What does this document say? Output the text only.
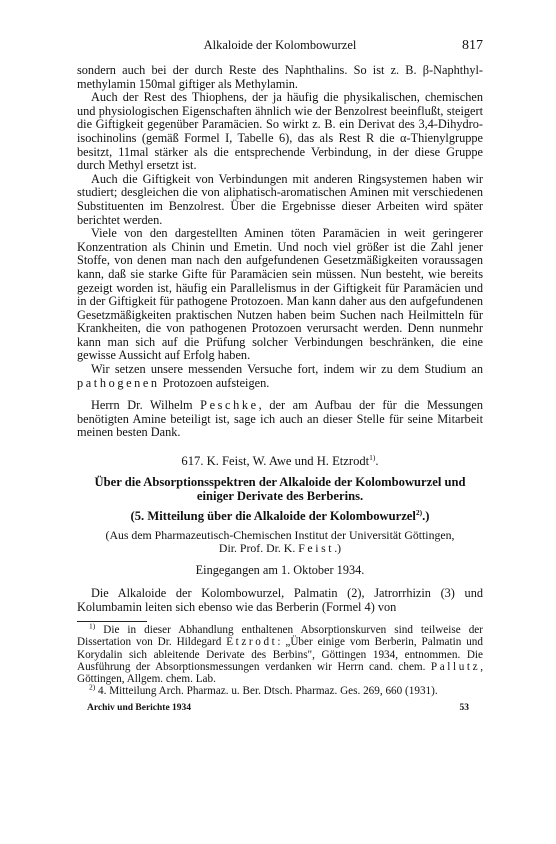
Alkaloide der Kolombowurzel	817

sondern auch bei der durch Reste des Naphthalins. So ist z. B. β-Naphthyl-methylamin 150mal giftiger als Methylamin.

Auch der Rest des Thiophens, der ja häufig die physikalischen, chemischen und physiologischen Eigenschaften ähnlich wie der Benzolrest beeinflußt, steigert die Giftigkeit gegenüber Paramäcien. So wirkt z. B. ein Derivat des 3,4-Dihydro-isochinolins (gemäß Formel I, Tabelle 6), das als Rest R die α-Thienylgruppe besitzt, 11mal stärker als die entsprechende Verbindung, in der diese Gruppe durch Methyl ersetzt ist.

Auch die Giftigkeit von Verbindungen mit anderen Ringsystemen haben wir studiert; desgleichen die von aliphatisch-aromatischen Aminen mit verschiedenen Substituenten im Benzolrest. Über die Ergebnisse dieser Arbeiten wird später berichtet werden.

Viele von den dargestellten Aminen töten Paramäcien in weit geringerer Konzentration als Chinin und Emetin. Und noch viel größer ist die Zahl jener Stoffe, von denen man nach den aufgefundenen Gesetzmäßigkeiten voraussagen kann, daß sie starke Gifte für Paramäcien sein müssen. Nun besteht, wie bereits gezeigt worden ist, häufig ein Parallelismus in der Giftigkeit für Paramäcien und in der Giftigkeit für pathogene Protozoen. Man kann daher aus den aufgefundenen Gesetzmäßigkeiten praktischen Nutzen haben beim Suchen nach Heilmitteln für Krankheiten, die von pathogenen Protozoen verursacht werden. Denn nunmehr kann man sich auf die Prüfung solcher Verbindungen beschränken, die eine gewisse Aussicht auf Erfolg haben.

Wir setzen unsere messenden Versuche fort, indem wir zu dem Studium an pathogenen Protozoen aufsteigen.

Herrn Dr. Wilhelm Peschke, der am Aufbau der für die Messungen benötigten Amine beteiligt ist, sage ich auch an dieser Stelle für seine Mitarbeit meinen besten Dank.

617. K. Feist, W. Awe und H. Etzrodt$^{1)}$.
Über die Absorptionsspektren der Alkaloide der Kolombowurzel und einiger Derivate des Berberins.
(5. Mitteilung über die Alkaloide der Kolombowurzel$^{2)}$.)
(Aus dem Pharmazeutisch-Chemischen Institut der Universität Göttingen,
Dir. Prof. Dr. K. Feist.)
Eingegangen am 1. Oktober 1934.

Die Alkaloide der Kolombowurzel, Palmatin (2), Jatrorrhizin (3) und Kolumbamin leiten sich ebenso wie das Berberin (Formel 4) von

$^{1)}$ Die in dieser Abhandlung enthaltenen Absorptionskurven sind teilweise der Dissertation von Dr. Hildegard Etzrodt: „Über einige vom Berberin, Palmatin und Korydalin sich ableitende Derivate des Berbins", Göttingen 1934, entnommen. Die Ausführung der Absorptionsmessungen verdanken wir Herrn cand. chem. Pallutz, Göttingen, Allgem. chem. Lab.

$^{2)}$ 4. Mitteilung Arch. Pharmaz. u. Ber. Dtsch. Pharmaz. Ges. 269, 660 (1931).

Archiv und Berichte 1934	53
